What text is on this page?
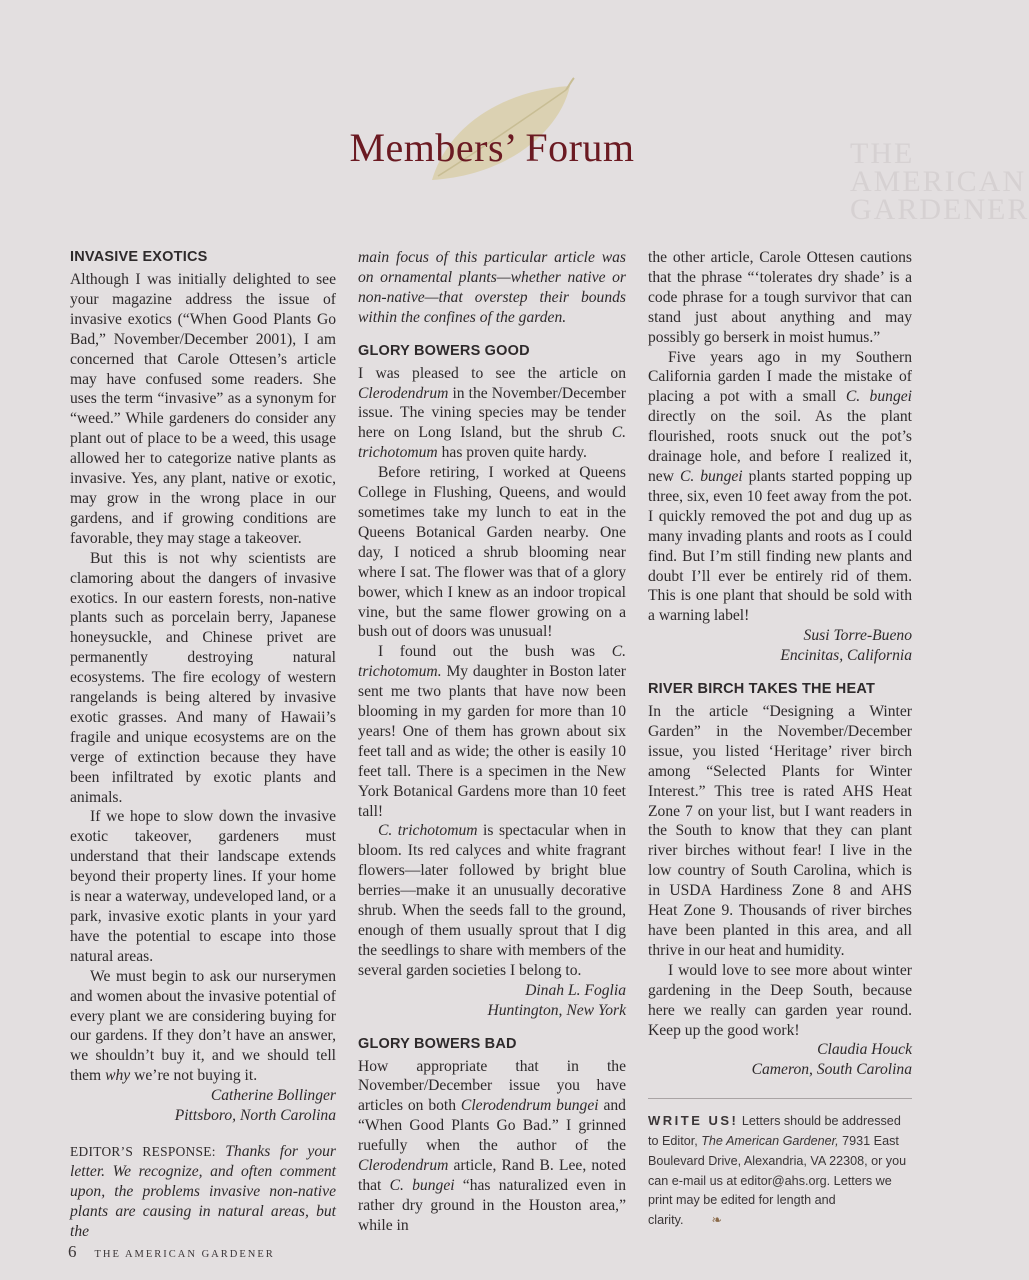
THE AMERICAN GARDENER
Members’ Forum
INVASIVE EXOTICS

Although I was initially delighted to see your magazine address the issue of invasive exotics (“When Good Plants Go Bad,” November/December 2001), I am concerned that Carole Ottesen’s article may have confused some readers. She uses the term “invasive” as a synonym for “weed.” While gardeners do consider any plant out of place to be a weed, this usage allowed her to categorize native plants as invasive. Yes, any plant, native or exotic, may grow in the wrong place in our gardens, and if growing conditions are favorable, they may stage a takeover.

But this is not why scientists are clamoring about the dangers of invasive exotics. In our eastern forests, non-native plants such as porcelain berry, Japanese honeysuckle, and Chinese privet are permanently destroying natural ecosystems. The fire ecology of western rangelands is being altered by invasive exotic grasses. And many of Hawaii’s fragile and unique ecosystems are on the verge of extinction because they have been infiltrated by exotic plants and animals.

If we hope to slow down the invasive exotic takeover, gardeners must understand that their landscape extends beyond their property lines. If your home is near a waterway, undeveloped land, or a park, invasive exotic plants in your yard have the potential to escape into those natural areas.

We must begin to ask our nurserymen and women about the invasive potential of every plant we are considering buying for our gardens. If they don’t have an answer, we shouldn’t buy it, and we should tell them why we’re not buying it.

Catherine Bollinger
Pittsboro, North Carolina

EDITOR’S RESPONSE: Thanks for your letter. We recognize, and often comment upon, the problems invasive non-native plants are causing in natural areas, but the

main focus of this particular article was on ornamental plants—whether native or non-native—that overstep their bounds within the confines of the garden.

GLORY BOWERS GOOD

I was pleased to see the article on Clerodendrum in the November/December issue. The vining species may be tender here on Long Island, but the shrub C. trichotomum has proven quite hardy.

Before retiring, I worked at Queens College in Flushing, Queens, and would sometimes take my lunch to eat in the Queens Botanical Garden nearby. One day, I noticed a shrub blooming near where I sat. The flower was that of a glory bower, which I knew as an indoor tropical vine, but the same flower growing on a bush out of doors was unusual!

I found out the bush was C. trichotomum. My daughter in Boston later sent me two plants that have now been blooming in my garden for more than 10 years! One of them has grown about six feet tall and as wide; the other is easily 10 feet tall. There is a specimen in the New York Botanical Gardens more than 10 feet tall!

C. trichotomum is spectacular when in bloom. Its red calyces and white fragrant flowers—later followed by bright blue berries—make it an unusually decorative shrub. When the seeds fall to the ground, enough of them usually sprout that I dig the seedlings to share with members of the several garden societies I belong to.

Dinah L. Foglia
Huntington, New York
GLORY BOWERS BAD

How appropriate that in the November/December issue you have articles on both Clerodendrum bungei and “When Good Plants Go Bad.” I grinned ruefully when the author of the Clerodendrum article, Rand B. Lee, noted that C. bungei “has naturalized even in rather dry ground in the Houston area,” while in

the other article, Carole Ottesen cautions that the phrase “‘tolerates dry shade’ is a code phrase for a tough survivor that can stand just about anything and may possibly go berserk in moist humus.”

Five years ago in my Southern California garden I made the mistake of placing a pot with a small C. bungei directly on the soil. As the plant flourished, roots snuck out the pot’s drainage hole, and before I realized it, new C. bungei plants started popping up three, six, even 10 feet away from the pot. I quickly removed the pot and dug up as many invading plants and roots as I could find. But I’m still finding new plants and doubt I’ll ever be entirely rid of them. This is one plant that should be sold with a warning label!

Susi Torre-Bueno
Encinitas, California
RIVER BIRCH TAKES THE HEAT

In the article “Designing a Winter Garden” in the November/December issue, you listed ‘Heritage’ river birch among “Selected Plants for Winter Interest.” This tree is rated AHS Heat Zone 7 on your list, but I want readers in the South to know that they can plant river birches without fear! I live in the low country of South Carolina, which is in USDA Hardiness Zone 8 and AHS Heat Zone 9. Thousands of river birches have been planted in this area, and all thrive in our heat and humidity.

I would love to see more about winter gardening in the Deep South, because here we really can garden year round. Keep up the good work!

Claudia Houck
Cameron, South Carolina
WRITE US! Letters should be addressed to Editor, The American Gardener, 7931 East Boulevard Drive, Alexandria, VA 22308, or you can e-mail us at editor@ahs.org. Letters we print may be edited for length and clarity. ❧
6 THE AMERICAN GARDENER
